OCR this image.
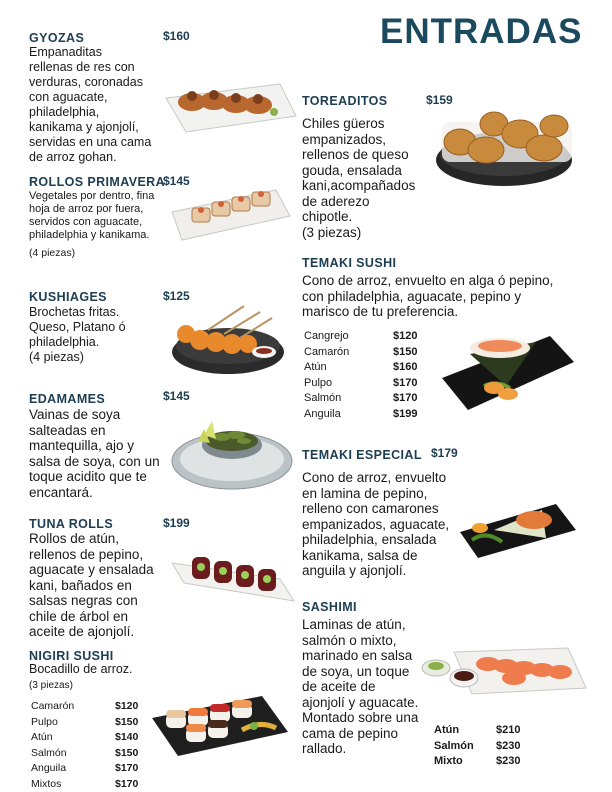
ENTRADAS
GYOZAS	$160
Empanaditas
rellenas de res con
verduras, coronadas
con aguacate,
philadelphia,
kanikama y ajonjolí,
servidas en una cama
de arroz gohan.
ROLLOS PRIMAVERA
$145
Vegetales por dentro, fina
hoja de arroz por fuera,
servidos con aguacate,
philadelphia y kanikama.
(4 piezas)
KUSHIAGES	$125
Brochetas fritas.
Queso, Platano ó
philadelphia.
(4 piezas)
EDAMAMES	$145
Vainas de soya
salteadas en
mantequilla, ajo y
salsa de soya, con un
toque acidito que te
encantará.
TUNA ROLLS	$199
Rollos de atún,
rellenos de pepino,
aguacate y ensalada
kani, bañados en
salsas negras con
chile de árbol en
aceite de ajonjolí.
NIGIRI SUSHI
Bocadillo de arroz.
(3 piezas)
Camarón	$120
Pulpo	$150
Atún	$140
Salmón	$150
Anguila	$170
Mixtos	$170
TOREADITOS	$159
Chiles güeros
empanizados,
rellenos de queso
gouda, ensalada
kani,acompañados
de aderezo
chipotle.
(3 piezas)
TEMAKI SUSHI
Cono de arroz, envuelto en alga ó pepino,
con philadelphia, aguacate, pepino y
marisco de tu preferencia.
Cangrejo	$120
Camarón	$150
Atún	$160
Pulpo	$170
Salmón	$170
Anguila	$199
TEMAKI ESPECIAL $179
Cono de arroz, envuelto
en lamina de pepino,
relleno con camarones
empanizados, aguacate,
philadelphia, ensalada
kanikama, salsa de
anguila y ajonjolí.
SASHIMI
Laminas de atún,
salmón o mixto,
marinado en salsa
de soya, un toque
de aceite de
ajonjolí y aguacate.
Montado sobre una
cama de pepino
rallado.
Atún	$210
Salmón	$230
Mixto	$230
